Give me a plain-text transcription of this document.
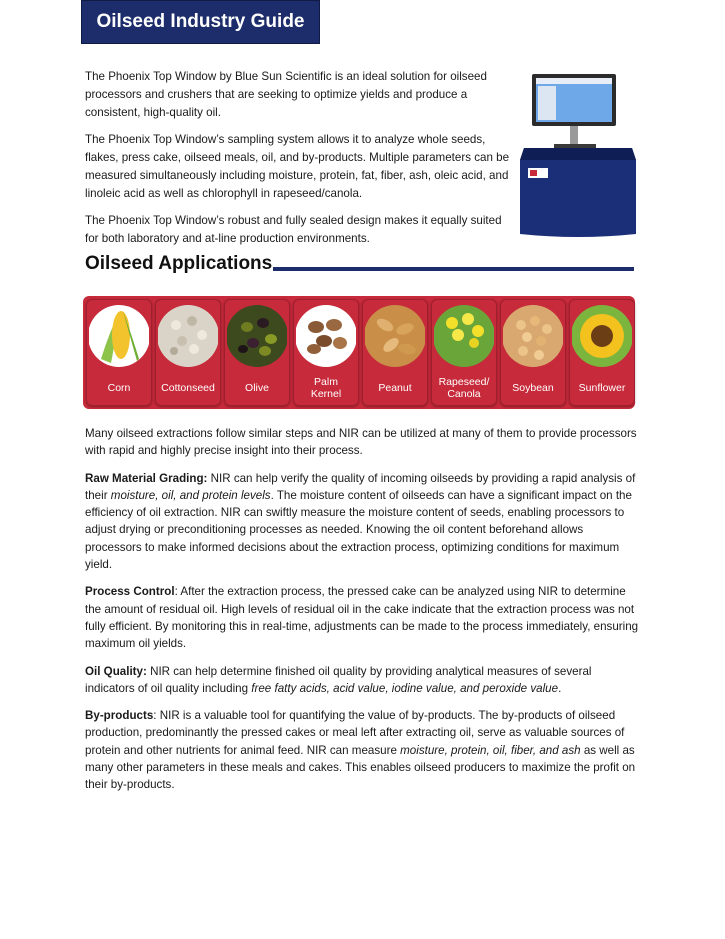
Oilseed Industry Guide

The Phoenix Top Window by Blue Sun Scientific is an ideal solution for oilseed processors and crushers that are seeking to optimize yields and produce a consistent, high-quality oil.

The Phoenix Top Window’s sampling system allows it to analyze whole seeds, flakes, press cake, oilseed meals, oil, and by-products. Multiple parameters can be measured simultaneously including moisture, protein, fat, fiber, ash, oleic acid, and linoleic acid as well as chlorophyll in rapeseed/canola.

The Phoenix Top Window’s robust and fully sealed design makes it equally suited for both laboratory and at-line production environments.

Oilseed Applications
Corn	Cottonseed	Olive	Palm
Kernel	Peanut	Rapeseed/
Canola	Soybean	Sunflower

Many oilseed extractions follow similar steps and NIR can be utilized at many of them to provide processors with rapid and highly precise insight into their process.

Raw Material Grading: NIR can help verify the quality of incoming oilseeds by providing a rapid analysis of their moisture, oil, and protein levels. The moisture content of oilseeds can have a significant impact on the efficiency of oil extraction. NIR can swiftly measure the moisture content of seeds, enabling processors to adjust drying or preconditioning processes as needed. Knowing the oil content beforehand allows processors to make informed decisions about the extraction process, optimizing conditions for maximum yield.

Process Control: After the extraction process, the pressed cake can be analyzed using NIR to determine the amount of residual oil. High levels of residual oil in the cake indicate that the extraction process was not fully efficient. By monitoring this in real-time, adjustments can be made to the process immediately, ensuring maximum oil yields.

Oil Quality: NIR can help determine finished oil quality by providing analytical measures of several indicators of oil quality including free fatty acids, acid value, iodine value, and peroxide value.

By-products: NIR is a valuable tool for quantifying the value of by-products. The by-products of oilseed production, predominantly the pressed cakes or meal left after extracting oil, serve as valuable sources of protein and other nutrients for animal feed. NIR can measure moisture, protein, oil, fiber, and ash as well as many other parameters in these meals and cakes. This enables oilseed producers to maximize the profit on their by-products.
